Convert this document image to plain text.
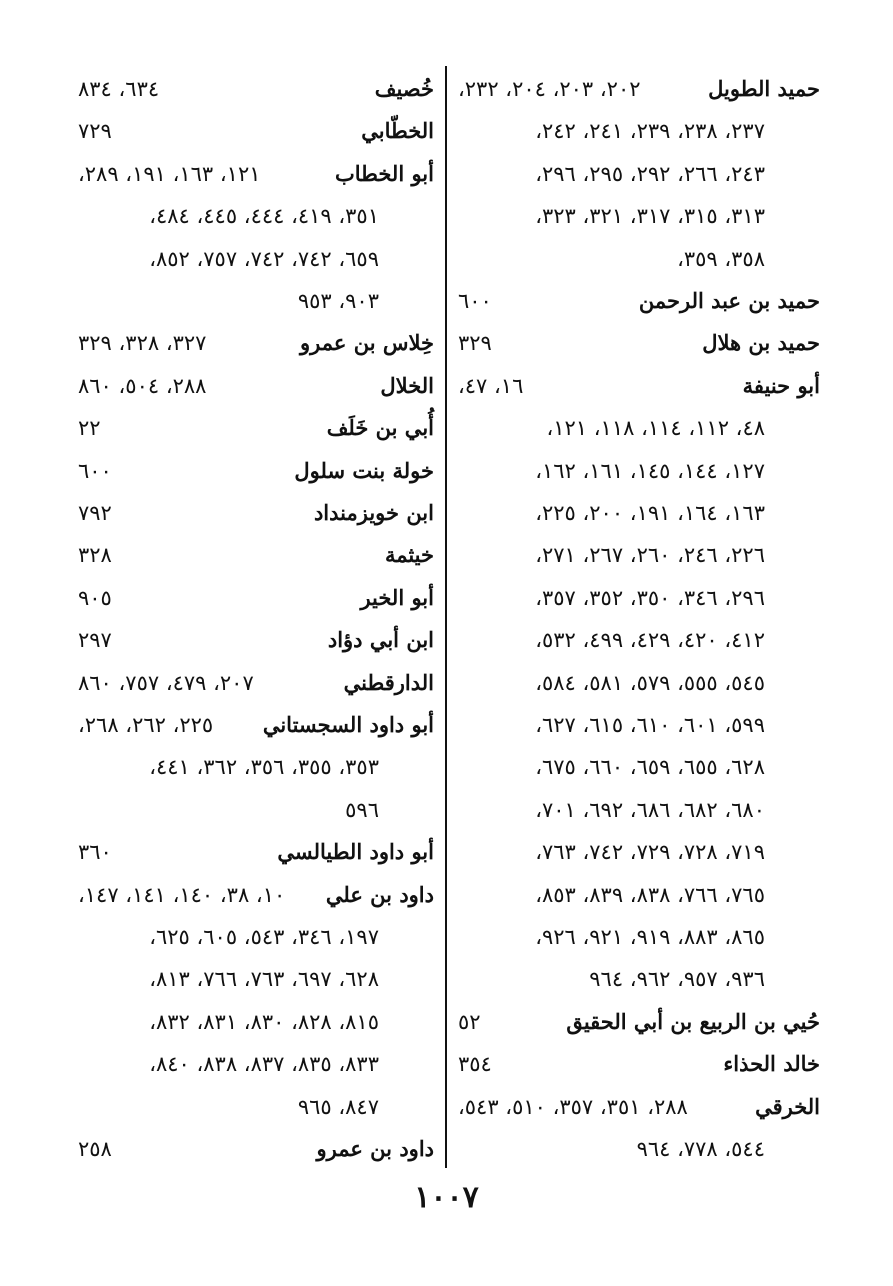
حميد الطويل
٢٠٢، ٢٠٣، ٢٠٤، ٢٣٢،
٢٣٧، ٢٣٨، ٢٣٩، ٢٤١، ٢٤٢،
٢٤٣، ٢٦٦، ٢٩٢، ٢٩٥، ٢٩٦،
٣١٣، ٣١٥، ٣١٧، ٣٢١، ٣٢٣،
٣٥٨، ٣٥٩،
حميد بن عبد الرحمن
٦٠٠
حميد بن هلال
٣٢٩
أبو حنيفة
١٦، ٤٧،
٤٨، ١١٢، ١١٤، ١١٨، ١٢١،
١٢٧، ١٤٤، ١٤٥، ١٦١، ١٦٢،
١٦٣، ١٦٤، ١٩١، ٢٠٠، ٢٢٥،
٢٢٦، ٢٤٦، ٢٦٠، ٢٦٧، ٢٧١،
٢٩٦، ٣٤٦، ٣٥٠، ٣٥٢، ٣٥٧،
٤١٢، ٤٢٠، ٤٢٩، ٤٩٩، ٥٣٢،
٥٤٥، ٥٥٥، ٥٧٩، ٥٨١، ٥٨٤،
٥٩٩، ٦٠١، ٦١٠، ٦١٥، ٦٢٧،
٦٢٨، ٦٥٥، ٦٥٩، ٦٦٠، ٦٧٥،
٦٨٠، ٦٨٢، ٦٨٦، ٦٩٢، ٧٠١،
٧١٩، ٧٢٨، ٧٢٩، ٧٤٢، ٧٦٣،
٧٦٥، ٧٦٦، ٨٣٨، ٨٣٩، ٨٥٣،
٨٦٥، ٨٨٣، ٩١٩، ٩٢١، ٩٢٦،
٩٣٦، ٩٥٧، ٩٦٢، ٩٦٤
حُيي بن الربيع بن أبي الحقيق
٥٢
خالد الحذاء
٣٥٤
الخرقي
٢٨٨، ٣٥١، ٣٥٧، ٥١٠، ٥٤٣،
٥٤٤، ٧٧٨، ٩٦٤
خُصيف
٦٣٤، ٨٣٤
الخطّابي
٧٢٩
أبو الخطاب
١٢١، ١٦٣، ١٩١، ٢٨٩،
٣٥١، ٤١٩، ٤٤٤، ٤٤٥، ٤٨٤،
٦٥٩، ٧٤٢، ٧٤٢، ٧٥٧، ٨٥٢،
٩٠٣، ٩٥٣
خِلاس بن عمرو
٣٢٧، ٣٢٨، ٣٢٩
الخلال
٢٨٨، ٥٠٤، ٨٦٠
أُبي بن خَلَف
٢٢
خولة بنت سلول
٦٠٠
ابن خويزمنداد
٧٩٢
خيثمة
٣٢٨
أبو الخير
٩٠٥
ابن أبي دؤاد
٢٩٧
الدارقطني
٢٠٧، ٤٧٩، ٧٥٧، ٨٦٠
أبو داود السجستاني
٢٢٥، ٢٦٢، ٢٦٨،
٣٥٣، ٣٥٥، ٣٥٦، ٣٦٢، ٤٤١،
٥٩٦
أبو داود الطيالسي
٣٦٠
داود بن علي
١٠، ٣٨، ١٤٠، ١٤١، ١٤٧،
١٩٧، ٣٤٦، ٥٤٣، ٦٠٥، ٦٢٥،
٦٢٨، ٦٩٧، ٧٦٣، ٧٦٦، ٨١٣،
٨١٥، ٨٢٨، ٨٣٠، ٨٣١، ٨٣٢،
٨٣٣، ٨٣٥، ٨٣٧، ٨٣٨، ٨٤٠،
٨٤٧، ٩٦٥
داود بن عمرو
٢٥٨
١٠٠٧
